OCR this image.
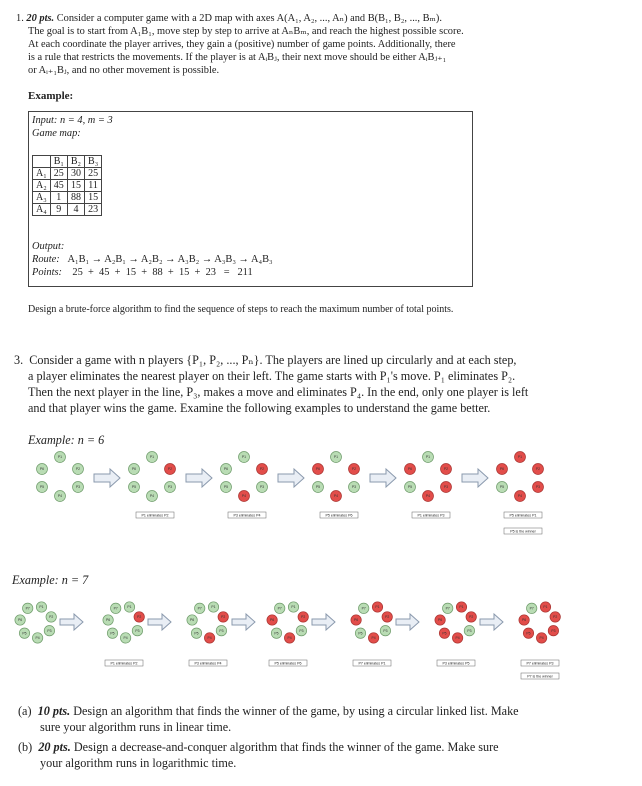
1. 20 pts. Consider a computer game with a 2D map with axes A(A₁, A₂, ..., Aₙ) and B(B₁, B₂, ..., Bₘ).

The goal is to start from A₁B₁, move step by step to arrive at AₙBₘ, and reach the highest possible score.

At each coordinate the player arrives, they gain a (positive) number of game points. Additionally, there

is a rule that restricts the movements. If the player is at AᵢBⱼ, their next move should be either AᵢBⱼ₊₁

or Aᵢ₊₁Bⱼ, and no other movement is possible.

Example:

Input: n = 4, m = 3

Game map:

	B₁	B₂	B₃
A₁	25	30	25
A₂	45	15	11
A₃	1	88	15
A₄	9	4	23

Output:

Route: A₁B₁ → A₂B₁ → A₂B₂ → A₃B₂ → A₃B₃ → A₄B₃

Points: 25  +  45  +  15  +  88  +  15  +  23   =   211

Design a brute-force algorithm to find the sequence of steps to reach the maximum number of total points.

3. Consider a game with n players {P₁, P₂, ..., Pₙ}. The players are lined up circularly and at each step,

a player eliminates the nearest player on their left. The game starts with P₁'s move. P₁ eliminates P₂.

Then the next player in the line, P₃, makes a move and eliminates P₄. In the end, only one player is left

and that player wins the game. Examine the following examples to understand the game better.

Example: n = 6

P1
P2
P3
P4
P5
P6
P1
P2
P3
P4
P5
P6
P1 eliminates P2
P1
P2
P3
P4
P5
P6
P3 eliminates P4
P1
P2
P3
P4
P5
P6
P5 eliminates P6
P1
P2
P3
P4
P5
P6
P1 eliminates P3
P1
P2
P3
P4
P5
P6
P5 eliminates P1
P5 is the winner

Example: n = 7

P1
P2
P3
P4
P5
P6
P7	P1
P2
P3
P4
P5
P6
P7
P1 eliminates P2
P1
P2
P3
P4
P5
P6
P7
P3 eliminates P4
P1
P2
P3
P4
P5
P6
P7
P5 eliminates P6
P1
P2
P3
P4
P5
P6
P7
P7 eliminates P1
P1
P2
P3
P4
P5
P6
P7
P3 eliminates P5
P1
P2
P3
P4
P5
P6
P7
P7 eliminates P3
P7 is the winner

(a) 10 pts. Design an algorithm that finds the winner of the game, by using a circular linked list. Make

sure your algorithm runs in linear time.

(b) 20 pts. Design a decrease-and-conquer algorithm that finds the winner of the game. Make sure

your algorithm runs in logarithmic time.
